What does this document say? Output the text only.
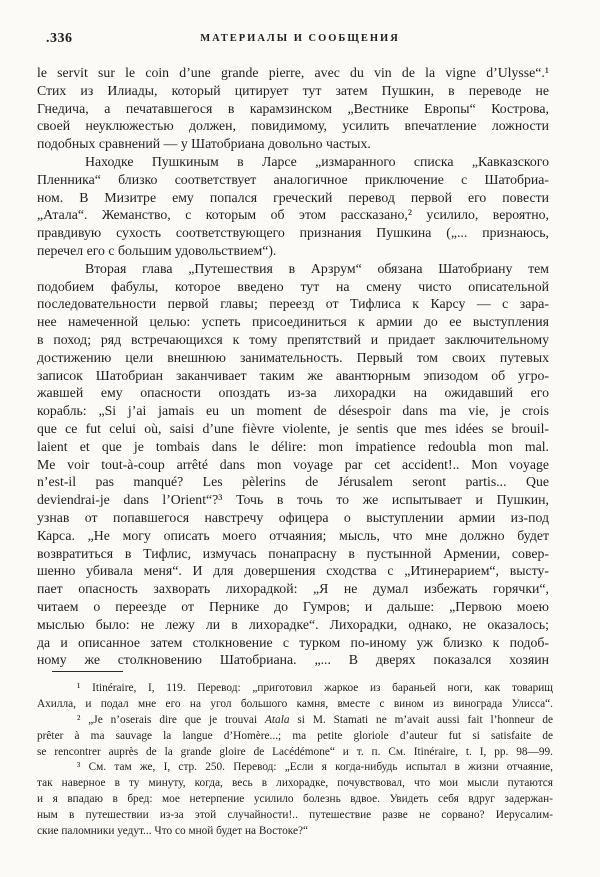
.336	МАТЕРИАЛЫ И СООБЩЕНИЯ
le servit sur le coin d’une grande pierre, avec du vin de la vigne d’Ulysse“.¹
Стих из Илиады, который цитирует тут затем Пушкин, в переводе не
Гнедича, а печатавшегося в карамзинском „Вестнике Европы“ Кострова,
своей неуклюжестью должен, повидимому, усилить впечатление ложности
подобных сравнений — у Шатобриана довольно частых.
Находке Пушкиным в Ларсе „измаранного списка „Кавказского
Пленника“ близко соответствует аналогичное приключение с Шатобриа-
ном. В Мизитре ему попался греческий перевод первой его повести
„Атала“. Жеманство, с которым об этом рассказано,² усилило, вероятно,
правдивую сухость соответствующего признания Пушкина („... признаюсь,
перечел его с большим удовольствием“).
Вторая глава „Путешествия в Арзрум“ обязана Шатобриану тем
подобием фабулы, которое введено тут на смену чисто описательной
последовательности первой главы; переезд от Тифлиса к Карсу — с зара-
нее намеченной целью: успеть присоединиться к армии до ее выступления
в поход; ряд встречающихся к тому препятствий и придает заключительному
достижению цели внешнюю занимательность. Первый том своих путевых
записок Шатобриан заканчивает таким же авантюрным эпизодом об угро-
жавшей ему опасности опоздать из-за лихорадки на ожидавший его
корабль: „Si j’ai jamais eu un moment de désespoir dans ma vie, je crois
que ce fut celui où, saisi d’une fièvre violente, je sentis que mes idées se brouil-
laient et que je tombais dans le délire: mon impatience redoubla mon mal.
Me voir tout-à-coup arrêté dans mon voyage par cet accident!.. Mon voyage
n’est-il pas manqué? Les pèlerins de Jérusalem seront partis... Que
deviendrai-je dans l’Orient“?³ Точь в точь то же испытывает и Пушкин,
узнав от попавшегося навстречу офицера о выступлении армии из-под
Карса. „Не могу описать моего отчаяния; мысль, что мне должно будет
возвратиться в Тифлис, измучась понапрасну в пустынной Армении, совер-
шенно убивала меня“. И для довершения сходства с „Итинерарием“, высту-
пает опасность захворать лихорадкой: „Я не думал избежать горячки“,
читаем о переезде от Пернике до Гумров; и дальше: „Первою моею
мыслью было: не лежу ли в лихорадке“. Лихорадки, однако, не оказалось;
да и описанное затем столкновение с турком по-иному уж близко к подоб-
ному же столкновению Шатобриана. „... В дверях показался хозяин
¹ Itinéraire, I, 119. Перевод: „приготовил жаркое из бараньей ноги, как товарищ
Ахилла, и подал мне его на угол большого камня, вместе с вином из винограда Улисса“.
² „Je n’oserais dire que je trouvai Atala si M. Stamati ne m’avait aussi fait l’honneur de
prêter à ma sauvage la langue d’Homère...; ma petite gloriole d’auteur fut si satisfaite de
se rencontrer auprès de la grande gloire de Lacédémone“ и т. п. См. Itinéraire, t. I, pp. 98—99.
³ См. там же, I, стр. 250. Перевод: „Если я когда-нибудь испытал в жизни отчаяние,
так наверное в ту минуту, когда, весь в лихорадке, почувствовал, что мои мысли путаются
и я впадаю в бред: мое нетерпение усилило болезнь вдвое. Увидеть себя вдруг задержан-
ным в путешествии из-за этой случайности!.. путешествие разве не сорвано? Иерусалим-
ские паломники уедут... Что со мной будет на Востоке?“
